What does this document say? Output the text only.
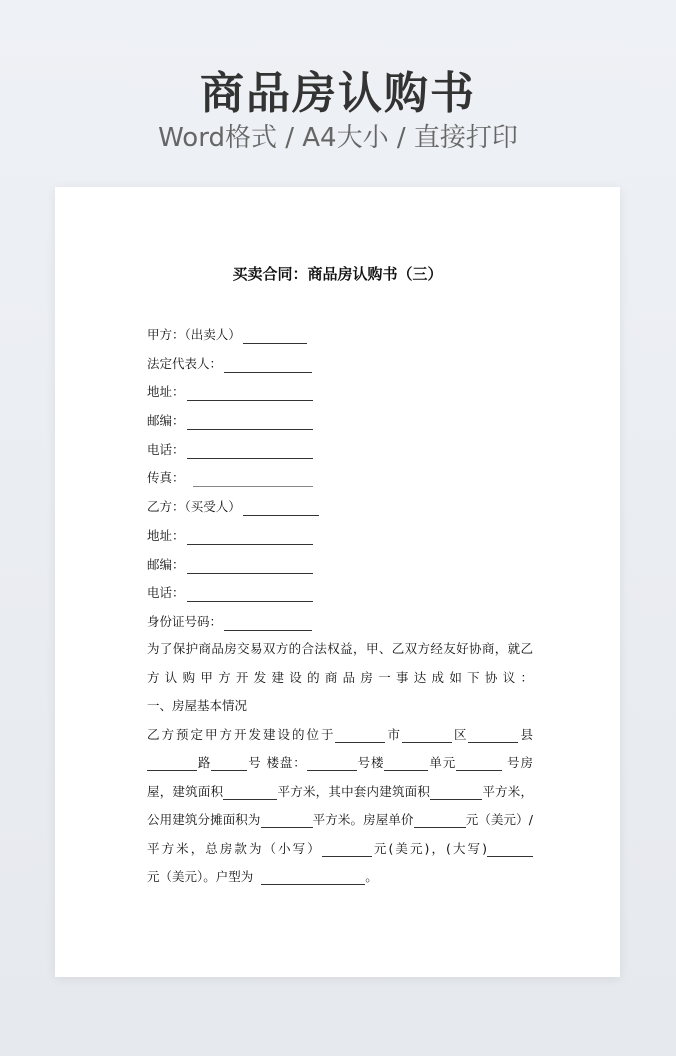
商品房认购书
Word格式 / A4大小 / 直接打印
买卖合同：商品房认购书（三）
甲方：（出卖人）
法定代表人：
地址：
邮编：
电话：
传真：
乙方：（买受人）
地址：
邮编：
电话：
身份证号码：

为了保护商品房交易双方的合法权益，甲、乙双方经友好协商，就乙方认购甲方开发建设的商品房一事达成如下协议：

一、房屋基本情况

乙方预定甲方开发建设的位于	市	区	县 路	号 楼盘：	号楼	单元	号房屋，建筑面积	平方米，其中套内建筑面积	平方米，公用建筑分摊面积为	平方米。房屋单价	元（美元）/平方米，总房款为（小写）	元(美元)，(大写)

元（美元）。户型为	。
